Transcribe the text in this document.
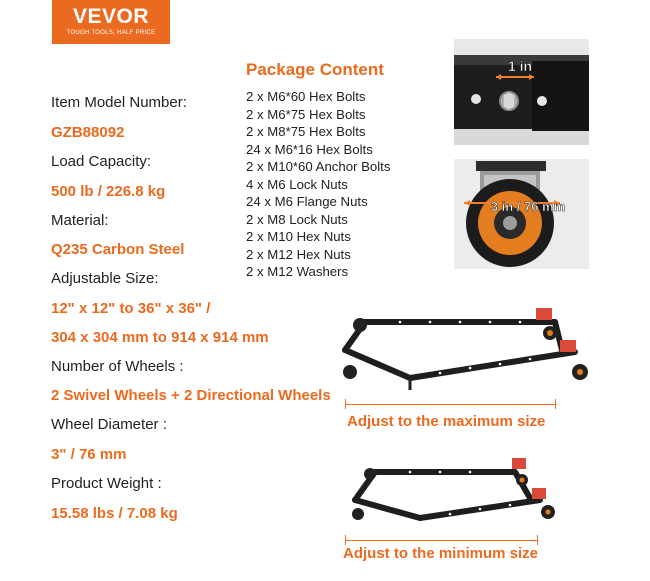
VEVOR
TOUGH TOOLS, HALF PRICE
Item Model Number:
GZB88092
Load Capacity:
500 lb / 226.8 kg
Material:
Q235 Carbon Steel
Adjustable Size:
12" x 12" to 36" x 36" /
304 x 304 mm to 914 x 914 mm
Number of Wheels :
2 Swivel Wheels + 2 Directional Wheels
Wheel Diameter :
3" / 76 mm
Product Weight :
15.58 lbs / 7.08 kg
Package Content
2 x M6*60 Hex Bolts
2 x M6*75 Hex Bolts
2 x M8*75 Hex Bolts
24 x M6*16 Hex Bolts
2 x M10*60 Anchor Bolts
4 x M6 Lock Nuts
24 x M6 Flange Nuts
2 x M8 Lock Nuts
2 x M10 Hex Nuts
2 x M12 Hex Nuts
2 x M12 Washers
1 in
3 in / 76 mm
Adjust to the maximum size
Adjust to the minimum size
